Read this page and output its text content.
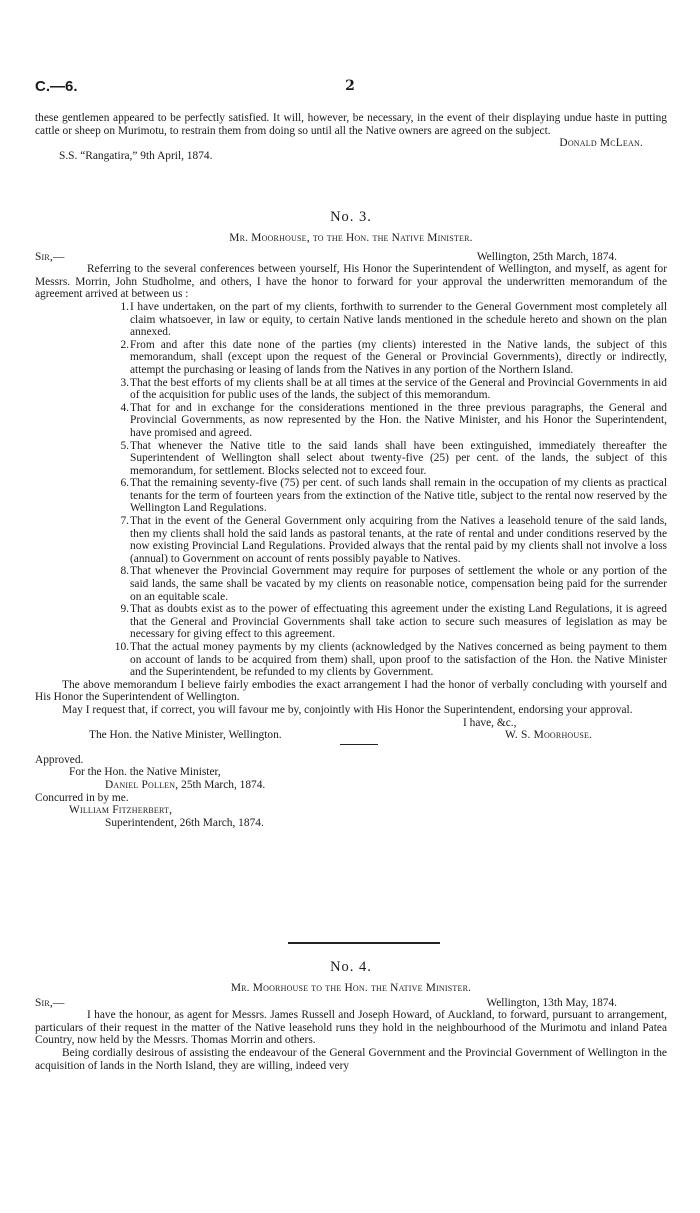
C.—6.	2

these gentlemen appeared to be perfectly satisfied. It will, however, be necessary, in the event of their displaying undue haste in putting cattle or sheep on Murimotu, to restrain them from doing so until all the Native owners are agreed on the subject.

Donald McLean.

S.S. “Rangatira,” 9th April, 1874.

No. 3.

Mr. Moorhouse, to the Hon. the Native Minister.

Sir,—	Wellington, 25th March, 1874.

Referring to the several conferences between yourself, His Honor the Superintendent of Wellington, and myself, as agent for Messrs. Morrin, John Studholme, and others, I have the honor to forward for your approval the underwritten memorandum of the agreement arrived at between us :

1. I have undertaken, on the part of my clients, forthwith to surrender to the General Government most completely all claim whatsoever, in law or equity, to certain Native lands mentioned in the schedule hereto and shown on the plan annexed.
2. From and after this date none of the parties (my clients) interested in the Native lands, the subject of this memorandum, shall (except upon the request of the General or Provincial Governments), directly or indirectly, attempt the purchasing or leasing of lands from the Natives in any portion of the Northern Island.
3. That the best efforts of my clients shall be at all times at the service of the General and Provincial Governments in aid of the acquisition for public uses of the lands, the subject of this memorandum.
4. That for and in exchange for the considerations mentioned in the three previous paragraphs, the General and Provincial Governments, as now represented by the Hon. the Native Minister, and his Honor the Superintendent, have promised and agreed.
5. That whenever the Native title to the said lands shall have been extinguished, immediately thereafter the Superintendent of Wellington shall select about twenty-five (25) per cent. of the lands, the subject of this memorandum, for settlement. Blocks selected not to exceed four.
6. That the remaining seventy-five (75) per cent. of such lands shall remain in the occupation of my clients as practical tenants for the term of fourteen years from the extinction of the Native title, subject to the rental now reserved by the Wellington Land Regulations.
7. That in the event of the General Government only acquiring from the Natives a leasehold tenure of the said lands, then my clients shall hold the said lands as pastoral tenants, at the rate of rental and under conditions reserved by the now existing Provincial Land Regulations. Provided always that the rental paid by my clients shall not involve a loss (annual) to Government on account of rents possibly payable to Natives.
8. That whenever the Provincial Government may require for purposes of settlement the whole or any portion of the said lands, the same shall be vacated by my clients on reasonable notice, compensation being paid for the surrender on an equitable scale.
9. That as doubts exist as to the power of effectuating this agreement under the existing Land Regulations, it is agreed that the General and Provincial Governments shall take action to secure such measures of legislation as may be necessary for giving effect to this agreement.
10. That the actual money payments by my clients (acknowledged by the Natives concerned as being payment to them on account of lands to be acquired from them) shall, upon proof to the satisfaction of the Hon. the Native Minister and the Superintendent, be refunded to my clients by Government.

The above memorandum I believe fairly embodies the exact arrangement I had the honor of verbally concluding with yourself and His Honor the Superintendent of Wellington.

May I request that, if correct, you will favour me by, conjointly with His Honor the Superintendent, endorsing your approval.

I have, &c.,
The Hon. the Native Minister, Wellington.	W. S. Moorhouse.

Approved.

For the Hon. the Native Minister,

Daniel Pollen, 25th March, 1874.

Concurred in by me.

William Fitzherbert,

Superintendent, 26th March, 1874.

No. 4.

Mr. Moorhouse to the Hon. the Native Minister.

Sir,—	Wellington, 13th May, 1874.

I have the honour, as agent for Messrs. James Russell and Joseph Howard, of Auckland, to forward, pursuant to arrangement, particulars of their request in the matter of the Native leasehold runs they hold in the neighbourhood of the Murimotu and inland Patea Country, now held by the Messrs. Thomas Morrin and others.

Being cordially desirous of assisting the endeavour of the General Government and the Provincial Government of Wellington in the acquisition of lands in the North Island, they are willing, indeed very
